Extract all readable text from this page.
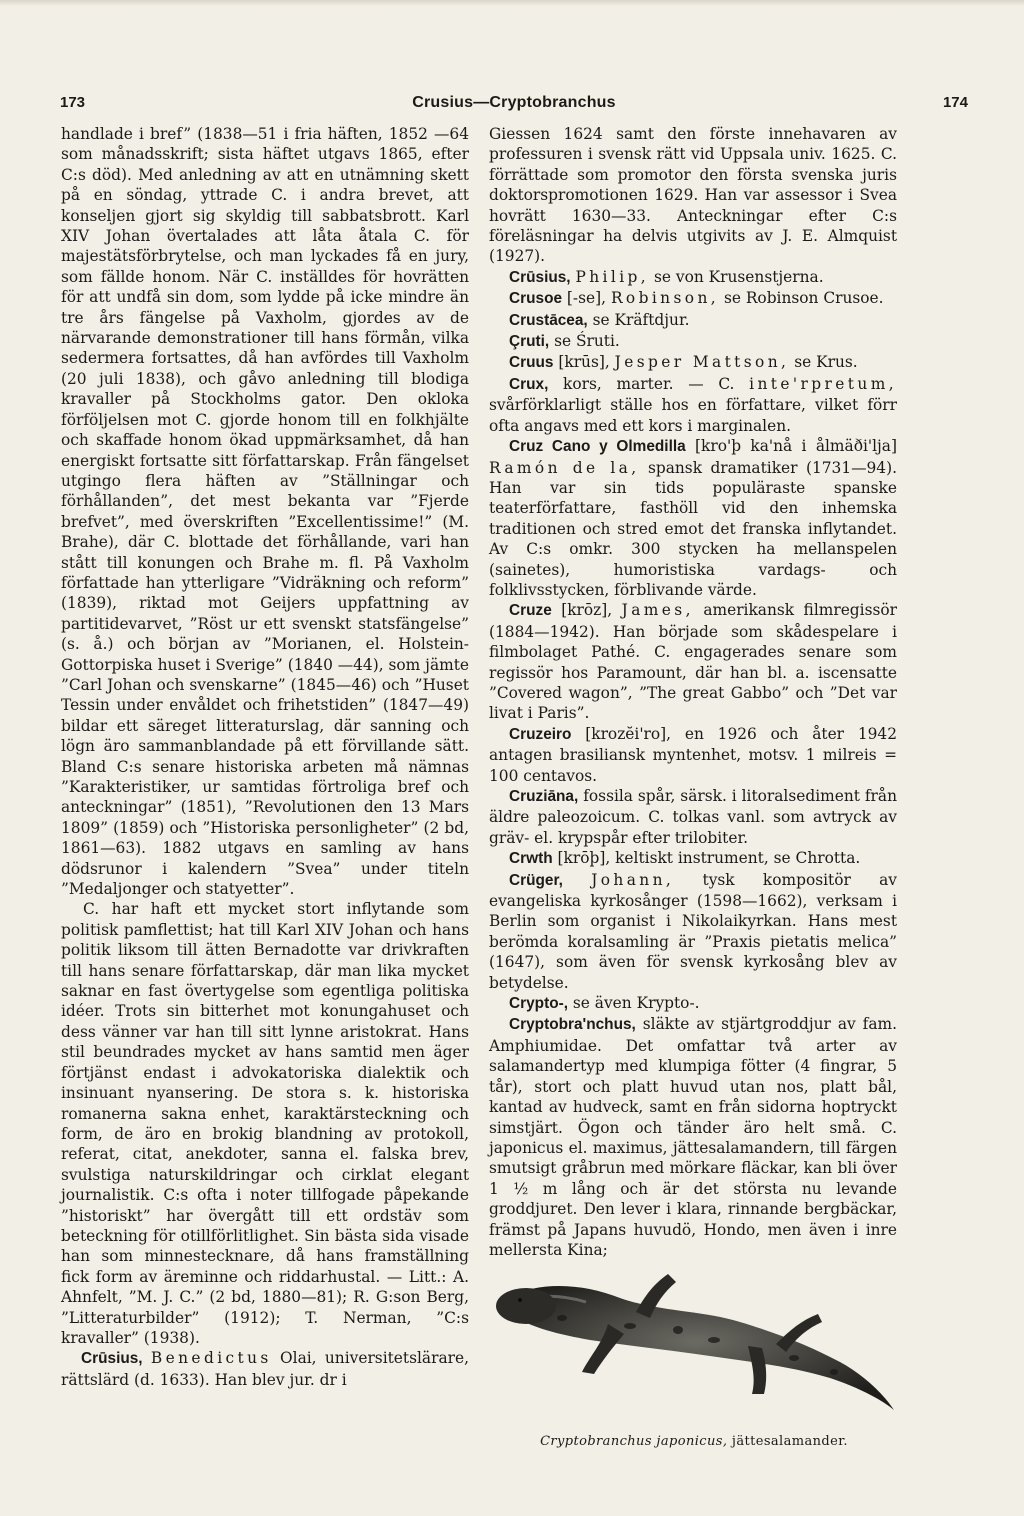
173	Crusius—Cryptobranchus	174

handlade i bref” (1838—51 i fria häften, 1852 —64 som månadsskrift; sista häftet utgavs 1865, efter C:s död). Med anledning av att en utnämning skett på en söndag, yttrade C. i andra brevet, att konseljen gjort sig skyldig till sabbatsbrott. Karl XIV Johan övertalades att låta åtala C. för majestätsförbrytelse, och man lyckades få en jury, som fällde honom. När C. inställdes för hovrätten för att undfå sin dom, som lydde på icke mindre än tre års fängelse på Vaxholm, gjordes av de närvarande demonstrationer till hans förmån, vilka sedermera fortsattes, då han avfördes till Vaxholm (20 juli 1838), och gåvo anledning till blodiga kravaller på Stockholms gator. Den okloka förföljelsen mot C. gjorde honom till en folkhjälte och skaffade honom ökad uppmärksamhet, då han energiskt fortsatte sitt författarskap. Från fängelset utgingo flera häften av ”Ställningar och förhållanden”, det mest bekanta var ”Fjerde brefvet”, med överskriften ”Excellentissime!” (M. Brahe), där C. blottade det förhållande, vari han stått till konungen och Brahe m. fl. På Vaxholm författade han ytterligare ”Vidräkning och reform” (1839), riktad mot Geijers uppfattning av partitidevarvet, ”Röst ur ett svenskt statsfängelse” (s. å.) och början av ”Morianen, el. Holstein-Gottorpiska huset i Sverige” (1840 —44), som jämte ”Carl Johan och svenskarne” (1845—46) och ”Huset Tessin under envåldet och frihetstiden” (1847—49) bildar ett säreget litteraturslag, där sanning och lögn äro sammanblandade på ett förvillande sätt. Bland C:s senare historiska arbeten må nämnas ”Karakteristiker, ur samtidas förtroliga bref och anteckningar” (1851), ”Revolutionen den 13 Mars 1809” (1859) och ”Historiska personligheter” (2 bd, 1861—63). 1882 utgavs en samling av hans dödsrunor i kalendern ”Svea” under titeln ”Medaljonger och statyetter”.

C. har haft ett mycket stort inflytande som politisk pamflettist; hat till Karl XIV Johan och hans politik liksom till ätten Bernadotte var drivkraften till hans senare författarskap, där man lika mycket saknar en fast övertygelse som egentliga politiska idéer. Trots sin bitterhet mot konungahuset och dess vänner var han till sitt lynne aristokrat. Hans stil beundrades mycket av hans samtid men äger förtjänst endast i advokatoriska dialektik och insinuant nyansering. De stora s. k. historiska romanerna sakna enhet, karaktärsteckning och form, de äro en brokig blandning av protokoll, referat, citat, anekdoter, sanna el. falska brev, svulstiga naturskildringar och cirklat elegant journalistik. C:s ofta i noter tillfogade påpekande ”historiskt” har övergått till ett ordstäv som beteckning för otillförlitlighet. Sin bästa sida visade han som minnestecknare, då hans framställning fick form av äreminne och riddarhustal. — Litt.: A. Ahnfelt, ”M. J. C.” (2 bd, 1880—81); R. G:son Berg, ”Litteraturbilder” (1912); T. Nerman, ”C:s kravaller” (1938).

Crūsius, Benedictus Olai, universitetslärare, rättslärd (d. 1633). Han blev jur. dr i

Giessen 1624 samt den förste innehavaren av professuren i svensk rätt vid Uppsala univ. 1625. C. förrättade som promotor den första svenska juris doktorspromotionen 1629. Han var assessor i Svea hovrätt 1630—33. Anteckningar efter C:s föreläsningar ha delvis utgivits av J. E. Almquist (1927).

Crūsius, Philip, se von Krusenstjerna.

Crusoe [-se], Robinson, se Robinson Crusoe.

Crustācea, se Kräftdjur.

Çruti, se Śruti.

Cruus [krūs], Jesper Mattson, se Krus.

Crux, kors, marter. — C. inte'rpretum, svårförklarligt ställe hos en författare, vilket förr ofta angavs med ett kors i marginalen.

Cruz Cano y Olmedilla [kro'þ ka'nå i ålmäði'lja] Ramón de la, spansk dramatiker (1731—94). Han var sin tids populäraste spanske teaterförfattare, fasthöll vid den inhemska traditionen och stred emot det franska inflytandet. Av C:s omkr. 300 stycken ha mellanspelen (sainetes), humoristiska vardags- och folklivsstycken, förblivande värde.

Cruze [krōz], James, amerikansk filmregissör (1884—1942). Han började som skådespelare i filmbolaget Pathé. C. engagerades senare som regissör hos Paramount, där han bl. a. iscensatte ”Covered wagon”, ”The great Gabbo” och ”Det var livat i Paris”.

Cruzeiro [krozĕi'ro], en 1926 och åter 1942 antagen brasiliansk myntenhet, motsv. 1 milreis = 100 centavos.

Cruziāna, fossila spår, särsk. i litoralsediment från äldre paleozoicum. C. tolkas vanl. som avtryck av gräv- el. krypspår efter trilobiter.

Crwth [krōþ], keltiskt instrument, se Chrotta.

Crüger, Johann, tysk kompositör av evangeliska kyrkosånger (1598—1662), verksam i Berlin som organist i Nikolaikyrkan. Hans mest berömda koralsamling är ”Praxis pietatis melica” (1647), som även för svensk kyrkosång blev av betydelse.

Crypto-, se även Krypto-.

Cryptobra'nchus, släkte av stjärtgroddjur av fam. Amphiumidae. Det omfattar två arter av salamandertyp med klumpiga fötter (4 fingrar, 5 tår), stort och platt huvud utan nos, platt bål, kantad av hudveck, samt en från sidorna hoptryckt simstjärt. Ögon och tänder äro helt små. C. japonicus el. maximus, jättesalamandern, till färgen smutsigt gråbrun med mörkare fläckar, kan bli över 1 ½ m lång och är det största nu levande groddjuret. Den lever i klara, rinnande bergbäckar, främst på Japans huvudö, Hondo, men även i inre mellersta Kina;

Cryptobranchus japonicus, jättesalamander.
